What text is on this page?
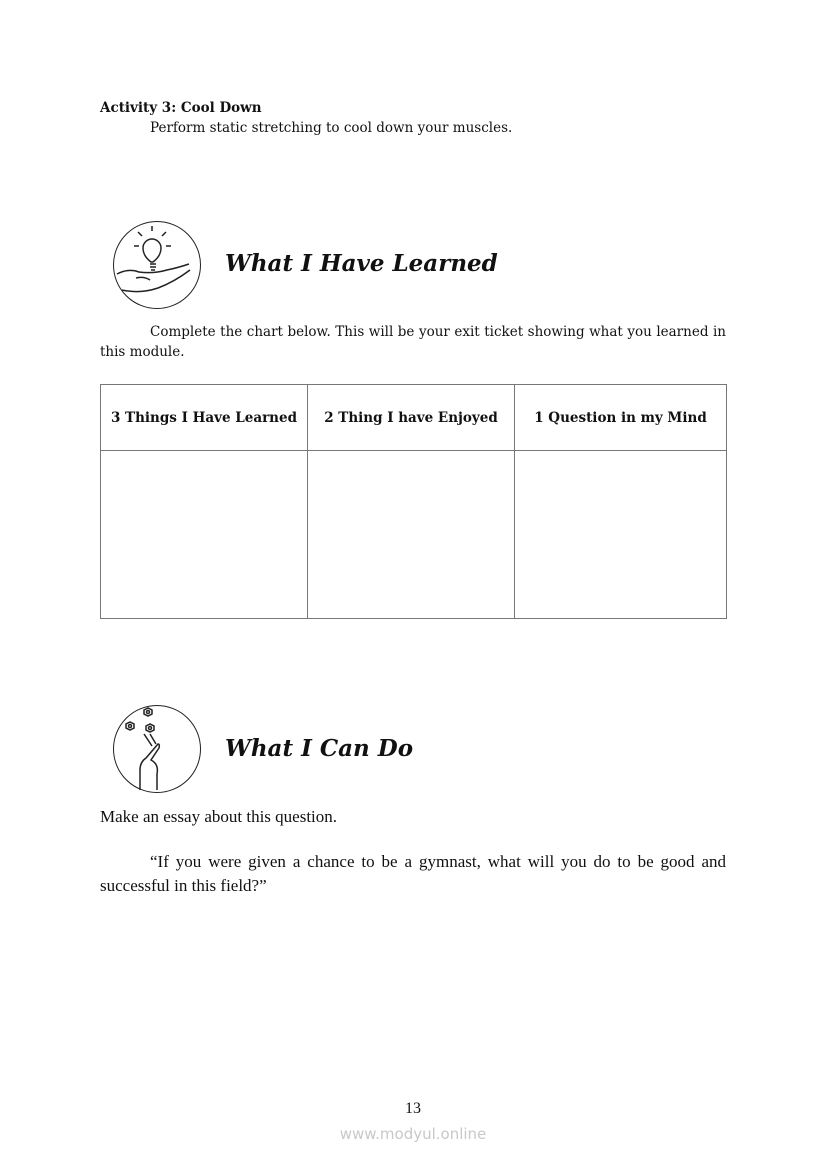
Activity 3: Cool Down
Perform static stretching to cool down your muscles.
What I Have Learned
Complete the chart below. This will be your exit ticket showing what you learned in this module.
3 Things I Have Learned	2 Thing I have Enjoyed	1 Question in my Mind

What I Can Do
Make an essay about this question.
“If you were given a chance to be a gymnast, what will you do to be good and successful in this field?”
13
www.modyul.online
